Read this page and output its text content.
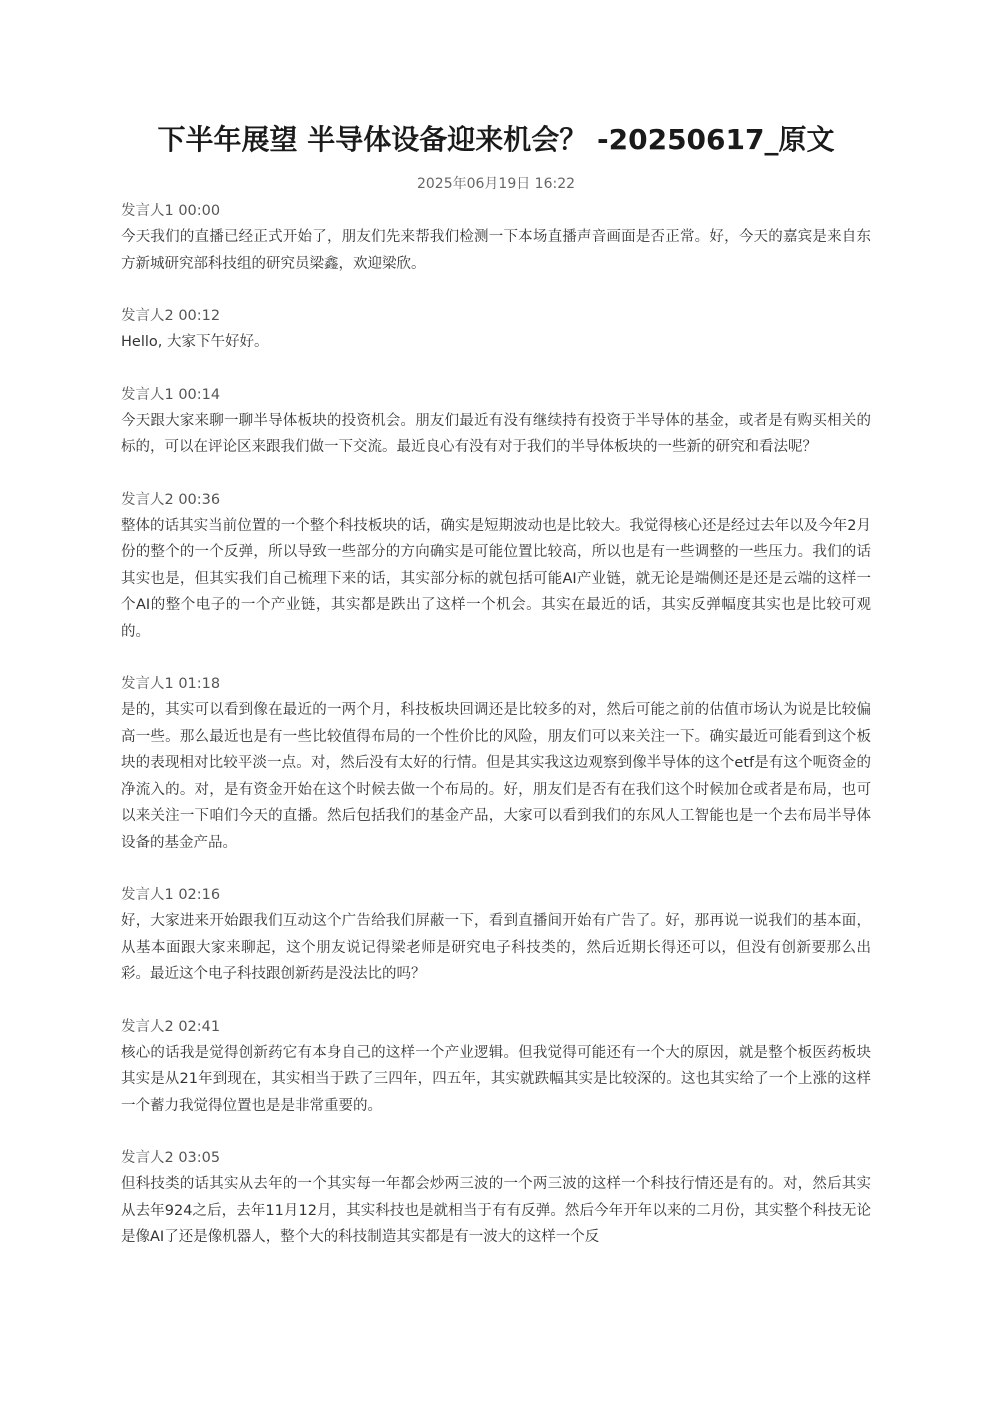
下半年展望 半导体设备迎来机会？ -20250617_原文
2025年06月19日 16:22
发言人1 00:00

今天我们的直播已经正式开始了，朋友们先来帮我们检测一下本场直播声音画面是否正常。好，今天的嘉宾是来自东方新城研究部科技组的研究员梁鑫，欢迎梁欣。

发言人2 00:12

Hello, 大家下午好好。

发言人1 00:14

今天跟大家来聊一聊半导体板块的投资机会。朋友们最近有没有继续持有投资于半导体的基金，或者是有购买相关的标的，可以在评论区来跟我们做一下交流。最近良心有没有对于我们的半导体板块的一些新的研究和看法呢？

发言人2 00:36

整体的话其实当前位置的一个整个科技板块的话，确实是短期波动也是比较大。我觉得核心还是经过去年以及今年2月份的整个的一个反弹，所以导致一些部分的方向确实是可能位置比较高，所以也是有一些调整的一些压力。我们的话其实也是，但其实我们自己梳理下来的话，其实部分标的就包括可能AI产业链，就无论是端侧还是还是云端的这样一个AI的整个电子的一个产业链，其实都是跌出了这样一个机会。其实在最近的话，其实反弹幅度其实也是比较可观的。

发言人1 01:18

是的，其实可以看到像在最近的一两个月，科技板块回调还是比较多的对，然后可能之前的估值市场认为说是比较偏高一些。那么最近也是有一些比较值得布局的一个性价比的风险，朋友们可以来关注一下。确实最近可能看到这个板块的表现相对比较平淡一点。对，然后没有太好的行情。但是其实我这边观察到像半导体的这个etf是有这个呃资金的净流入的。对，是有资金开始在这个时候去做一个布局的。好，朋友们是否有在我们这个时候加仓或者是布局，也可以来关注一下咱们今天的直播。然后包括我们的基金产品，大家可以看到我们的东风人工智能也是一个去布局半导体设备的基金产品。

发言人1 02:16

好，大家进来开始跟我们互动这个广告给我们屏蔽一下，看到直播间开始有广告了。好，那再说一说我们的基本面，从基本面跟大家来聊起，这个朋友说记得梁老师是研究电子科技类的，然后近期长得还可以，但没有创新要那么出彩。最近这个电子科技跟创新药是没法比的吗？

发言人2 02:41

核心的话我是觉得创新药它有本身自己的这样一个产业逻辑。但我觉得可能还有一个大的原因，就是整个板医药板块其实是从21年到现在，其实相当于跌了三四年，四五年，其实就跌幅其实是比较深的。这也其实给了一个上涨的这样一个蓄力我觉得位置也是是非常重要的。

发言人2 03:05

但科技类的话其实从去年的一个其实每一年都会炒两三波的一个两三波的这样一个科技行情还是有的。对，然后其实从去年924之后，去年11月12月，其实科技也是就相当于有有反弹。然后今年开年以来的二月份，其实整个科技无论是像AI了还是像机器人，整个大的科技制造其实都是有一波大的这样一个反
